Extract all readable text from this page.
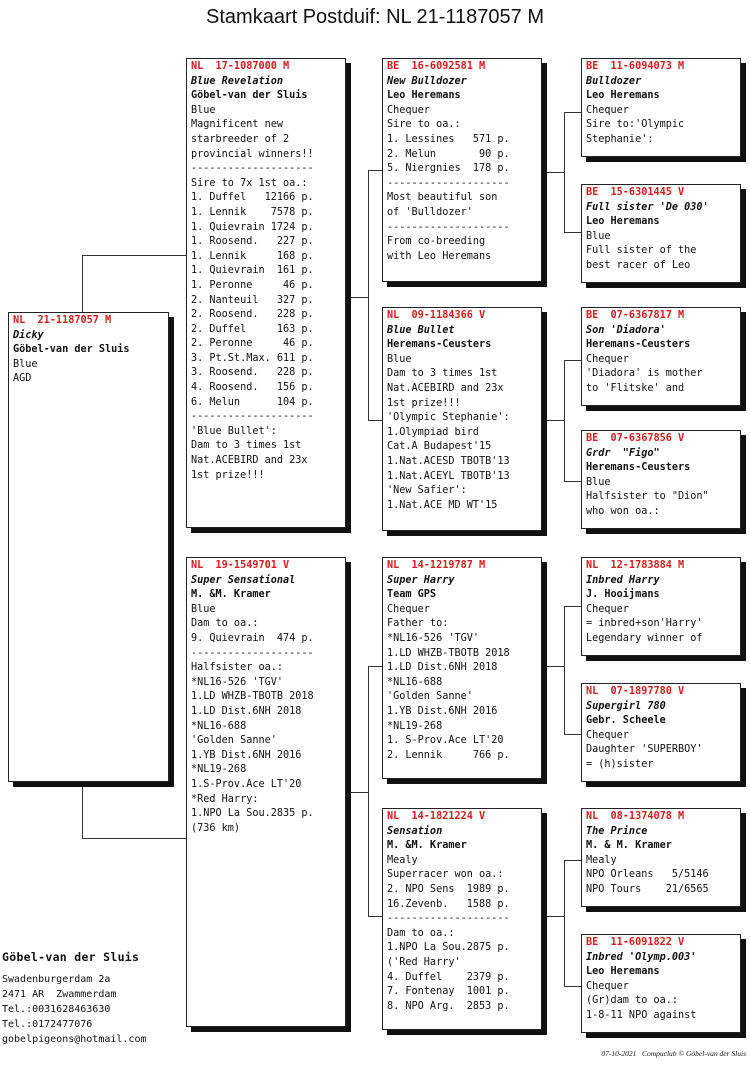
Stamkaart Postduif: NL 21-1187057 M
NL  21-1187057 M
Dicky
Göbel-van der Sluis
Blue
AGD
NL  17-1087000 M
Blue Revelation
Göbel-van der Sluis
Blue
Magnificent new
starbreeder of 2
provincial winners!!
--------------------
Sire to 7x 1st oa.:
1. Duffel   12166 p.
1. Lennik    7578 p.
1. Quievrain 1724 p.
1. Roosend.   227 p.
1. Lennik     168 p.
1. Quievrain  161 p.
1. Peronne     46 p.
2. Nanteuil   327 p.
2. Roosend.   228 p.
2. Duffel     163 p.
2. Peronne     46 p.
3. Pt.St.Max. 611 p.
3. Roosend.   228 p.
4. Roosend.   156 p.
6. Melun      104 p.
--------------------
'Blue Bullet':
Dam to 3 times 1st
Nat.ACEBIRD and 23x
1st prize!!!
NL  19-1549701 V
Super Sensational
M. &M. Kramer
Blue
Dam to oa.:
9. Quievrain  474 p.
--------------------
Halfsister oa.:
*NL16-526 'TGV'
1.LD WHZB-TBOTB 2018
1.LD Dist.6NH 2018
*NL16-688
'Golden Sanne'
1.YB Dist.6NH 2016
*NL19-268
1.S-Prov.Ace LT'20
*Red Harry:
1.NPO La Sou.2835 p.
(736 km)
BE  16-6092581 M
New Bulldozer
Leo Heremans
Chequer
Sire to oa.:
1. Lessines   571 p.
2. Melun       90 p.
5. Niergnies  178 p.
--------------------
Most beautiful son
of 'Bulldozer'
--------------------
From co-breeding
with Leo Heremans
NL  09-1184366 V
Blue Bullet
Heremans-Ceusters
Blue
Dam to 3 times 1st
Nat.ACEBIRD and 23x
1st prize!!!
'Olympic Stephanie':
1.Olympiad bird
Cat.A Budapest'15
1.Nat.ACESD TBOTB'13
1.Nat.ACEYL TBOTB'13
'New Safier':
1.Nat.ACE MD WT'15
NL  14-1219787 M
Super Harry
Team GPS
Chequer
Father to:
*NL16-526 'TGV'
1.LD WHZB-TBOTB 2018
1.LD Dist.6NH 2018
*NL16-688
'Golden Sanne'
1.YB Dist.6NH 2016
*NL19-268
1. S-Prov.Ace LT'20
2. Lennik     766 p.
NL  14-1821224 V
Sensation
M. &M. Kramer
Mealy
Superracer won oa.:
2. NPO Sens  1989 p.
16.Zevenb.   1588 p.
--------------------
Dam to oa.:
1.NPO La Sou.2875 p.
('Red Harry'
4. Duffel    2379 p.
7. Fontenay  1001 p.
8. NPO Arg.  2853 p.
BE  11-6094073 M
Bulldozer
Leo Heremans
Chequer
Sire to:'Olympic
Stephanie':
BE  15-6301445 V
Full sister 'De 030'
Leo Heremans
Blue
Full sister of the
best racer of Leo
BE  07-6367817 M
Son 'Diadora'
Heremans-Ceusters
Chequer
'Diadora' is mother
to 'Flitske' and
BE  07-6367856 V
Grdr  "Figo"
Heremans-Ceusters
Blue
Halfsister to "Dion"
who won oa.:
NL  12-1783884 M
Inbred Harry
J. Hooijmans
Chequer
= inbred+son'Harry'
Legendary winner of
NL  07-1897780 V
Supergirl 780
Gebr. Scheele
Chequer
Daughter 'SUPERBOY'
= (h)sister
NL  08-1374078 M
The Prince
M. & M. Kramer
Mealy
NPO Orleans   5/5146
NPO Tours    21/6565
BE  11-6091822 V
Inbred 'Olymp.003'
Leo Heremans
Chequer
(Gr)dam to oa.:
1-8-11 NPO against
Göbel-van der Sluis
Swadenburgerdam 2a
2471 AR  Zwammerdam
Tel.:0031628463630
Tel.:0172477076
gobelpigeons@hotmail.com
07-10-2021   Compuclub © Göbel-van der Sluis
